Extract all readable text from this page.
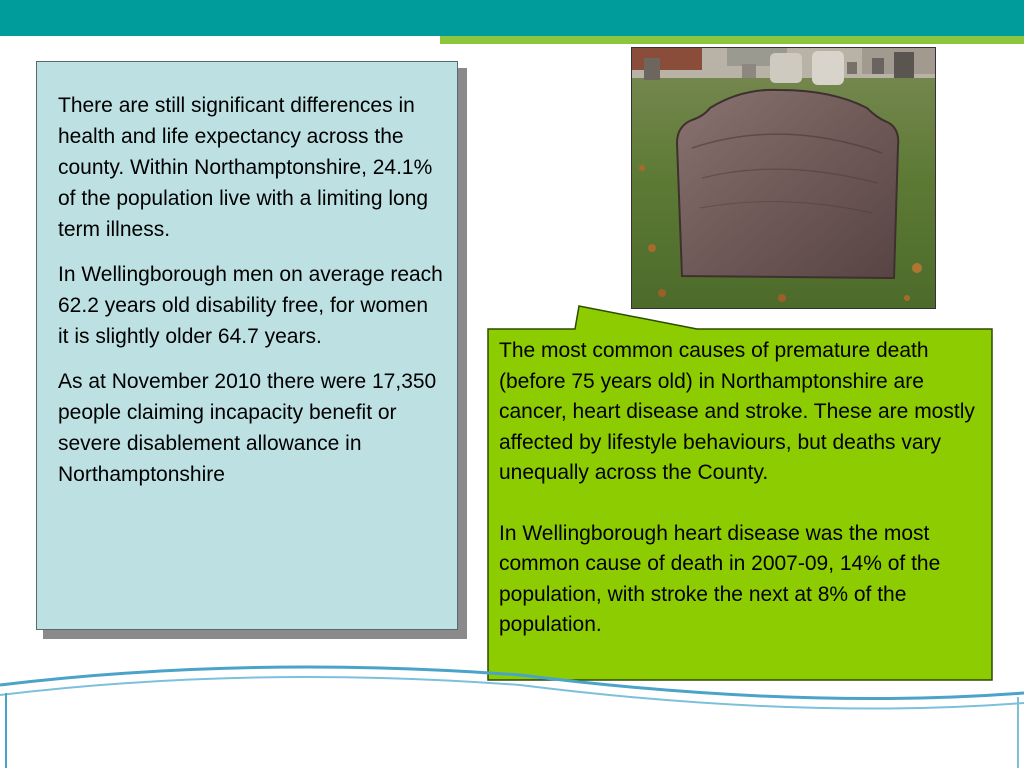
There are still significant differences in health and life expectancy across the county. Within Northamptonshire, 24.1% of the population live with a limiting long term illness.

In Wellingborough men on average reach 62.2 years old disability free, for women it is slightly older 64.7 years.

As at November 2010 there were 17,350 people claiming incapacity benefit or severe disablement allowance in Northamptonshire

The most common causes of premature death (before 75 years old) in Northamptonshire are cancer, heart disease and stroke. These are mostly affected by lifestyle behaviours, but deaths vary unequally across the County.

In Wellingborough heart disease was the most common cause of death in 2007-09, 14% of the population, with stroke the next at 8% of the population.
